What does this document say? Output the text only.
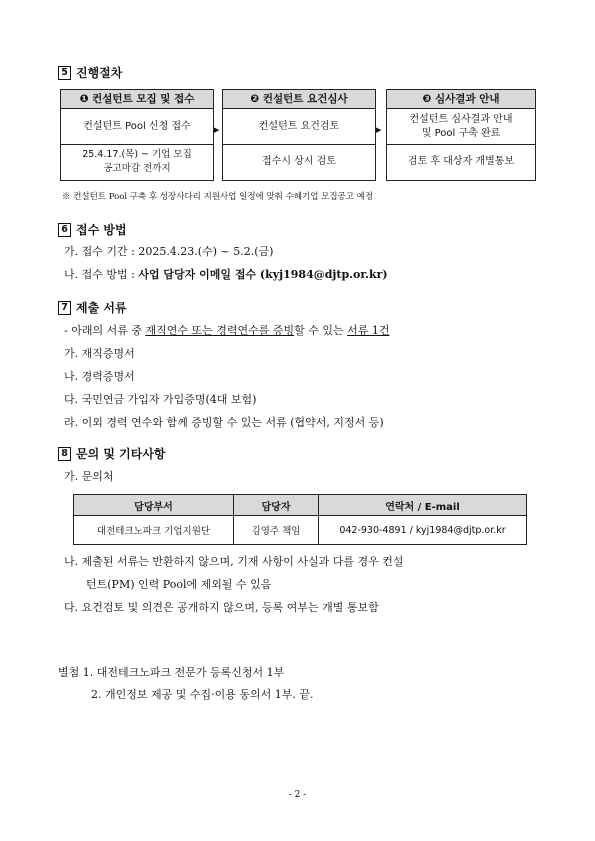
5 진행절차
❶ 컨설턴트 모집 및 접수
컨설턴트 Pool 신청 접수
25.4.17.(목) ~ 기업 모집
공고마감 전까지
▶
❷ 컨설턴트 요건심사
컨설턴트 요건검토
접수시 상시 검토
▶
❸ 심사결과 안내
컨설턴트 심사결과 안내
및 Pool 구축 완료
검토 후 대상자 개별통보
※ 컨설턴트 Pool 구축 후 성장사다리 지원사업 일정에 맞춰 수혜기업 모집공고 예정
6 접수 방법
가. 접수 기간 : 2025.4.23.(수) ~ 5.2.(금)
나. 접수 방법 : 사업 담당자 이메일 접수 (kyj1984@djtp.or.kr)
7 제출 서류
- 아래의 서류 중 재직연수 또는 경력연수를 증빙할 수 있는 서류 1건
가. 재직증명서
나. 경력증명서
다. 국민연금 가입자 가입증명(4대 보험)
라. 이외 경력 연수와 함께 증빙할 수 있는 서류 (협약서, 지정서 등)
8 문의 및 기타사항
가. 문의처
담당부서	담당자	연락처 / E-mail
대전테크노파크 기업지원단	김영주 책임	042-930-4891 / kyj1984@djtp.or.kr
나. 제출된 서류는 반환하지 않으며, 기재 사항이 사실과 다를 경우 컨설
턴트(PM) 인력 Pool에 제외될 수 있음
다. 요건검토 및 의견은 공개하지 않으며, 등록 여부는 개별 통보함
별첨 1. 대전테크노파크 전문가 등록신청서 1부
2. 개인정보 제공 및 수집·이용 동의서 1부. 끝.
- 2 -
